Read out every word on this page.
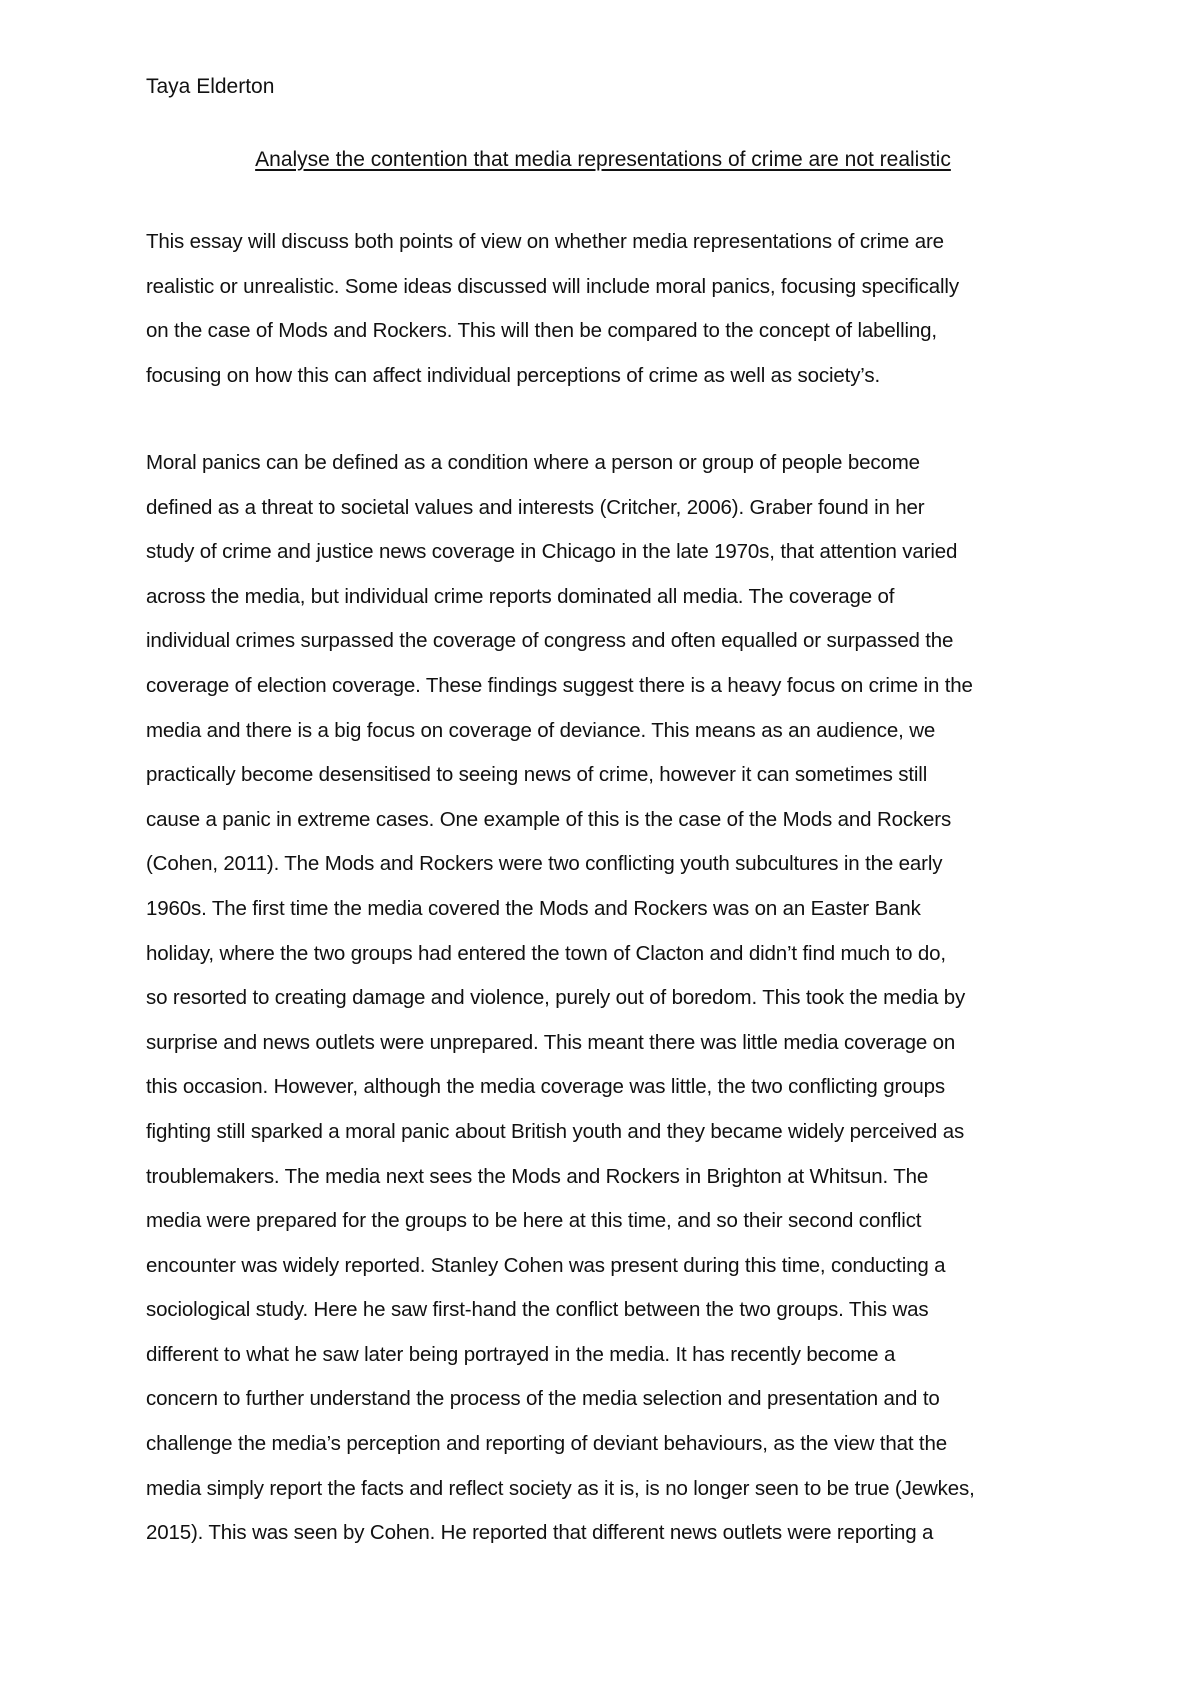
Taya Elderton
Analyse the contention that media representations of crime are not realistic
This essay will discuss both points of view on whether media representations of crime are
realistic or unrealistic. Some ideas discussed will include moral panics, focusing specifically
on the case of Mods and Rockers. This will then be compared to the concept of labelling,
focusing on how this can affect individual perceptions of crime as well as society’s.
Moral panics can be defined as a condition where a person or group of people become
defined as a threat to societal values and interests (Critcher, 2006). Graber found in her
study of crime and justice news coverage in Chicago in the late 1970s, that attention varied
across the media, but individual crime reports dominated all media. The coverage of
individual crimes surpassed the coverage of congress and often equalled or surpassed the
coverage of election coverage. These findings suggest there is a heavy focus on crime in the
media and there is a big focus on coverage of deviance. This means as an audience, we
practically become desensitised to seeing news of crime, however it can sometimes still
cause a panic in extreme cases. One example of this is the case of the Mods and Rockers
(Cohen, 2011). The Mods and Rockers were two conflicting youth subcultures in the early
1960s. The first time the media covered the Mods and Rockers was on an Easter Bank
holiday, where the two groups had entered the town of Clacton and didn’t find much to do,
so resorted to creating damage and violence, purely out of boredom. This took the media by
surprise and news outlets were unprepared. This meant there was little media coverage on
this occasion. However, although the media coverage was little, the two conflicting groups
fighting still sparked a moral panic about British youth and they became widely perceived as
troublemakers. The media next sees the Mods and Rockers in Brighton at Whitsun. The
media were prepared for the groups to be here at this time, and so their second conflict
encounter was widely reported. Stanley Cohen was present during this time, conducting a
sociological study. Here he saw first-hand the conflict between the two groups. This was
different to what he saw later being portrayed in the media. It has recently become a
concern to further understand the process of the media selection and presentation and to
challenge the media’s perception and reporting of deviant behaviours, as the view that the
media simply report the facts and reflect society as it is, is no longer seen to be true (Jewkes,
2015). This was seen by Cohen. He reported that different news outlets were reporting a
